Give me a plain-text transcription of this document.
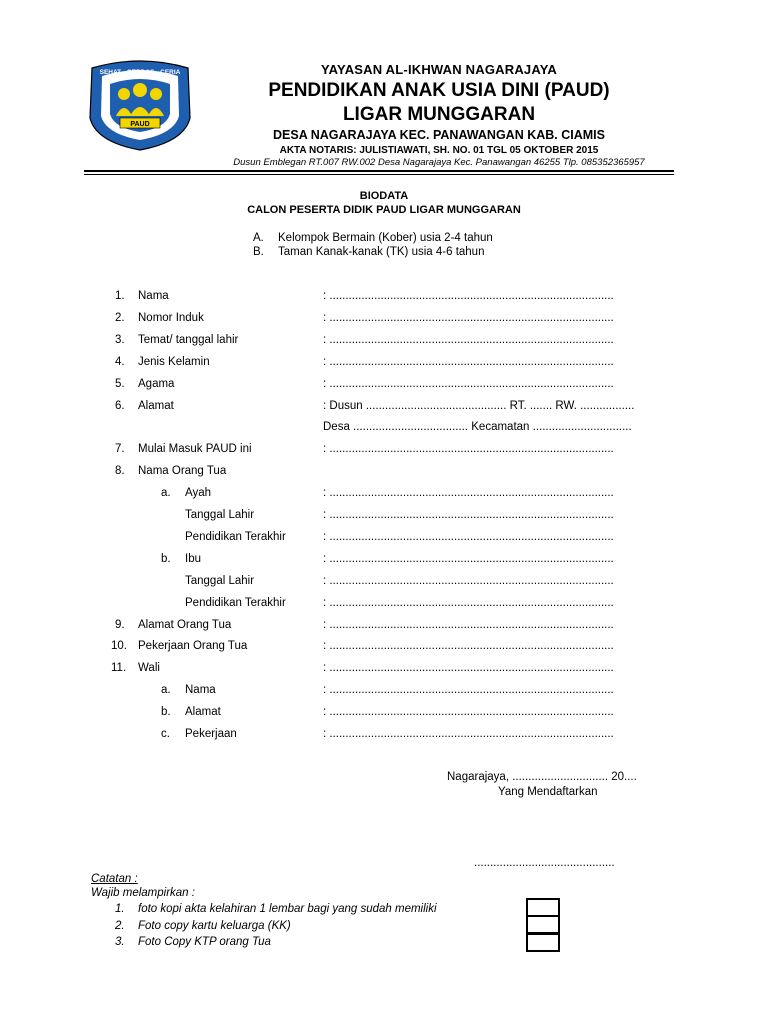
SEHAT · CERDAS · CERIA
PAUD
YAYASAN AL-IKHWAN NAGARAJAYA
PENDIDIKAN ANAK USIA DINI (PAUD)
LIGAR MUNGGARAN
DESA NAGARAJAYA KEC. PANAWANGAN KAB. CIAMIS
AKTA NOTARIS: JULISTIAWATI, SH. NO. 01 TGL 05 OKTOBER 2015
Dusun Emblegan RT.007 RW.002 Desa Nagarajaya Kec. Panawangan 46255 Tlp. 085352365957
BIODATA
CALON PESERTA DIDIK PAUD LIGAR MUNGGARAN
A. Kelompok Bermain (Kober) usia 2-4 tahun
B. Taman Kanak-kanak (TK) usia 4-6 tahun
1. Nama	: .........................................................................................
2. Nomor Induk	: .........................................................................................
3. Temat/ tanggal lahir	: .........................................................................................
4. Jenis Kelamin	: .........................................................................................
5. Agama	: .........................................................................................
6. Alamat	: Dusun ............................................ RT. ....... RW. .................
Desa .................................... Kecamatan ...............................
7. Mulai Masuk PAUD ini	: .........................................................................................
8. Nama Orang Tua
a. Ayah	: .........................................................................................
Tanggal Lahir	: .........................................................................................
Pendidikan Terakhir	: .........................................................................................
b. Ibu	: .........................................................................................
Tanggal Lahir	: .........................................................................................
Pendidikan Terakhir	: .........................................................................................
9. Alamat Orang Tua	: .........................................................................................
10. Pekerjaan Orang Tua	: .........................................................................................
11. Wali	: .........................................................................................
a. Nama	: .........................................................................................
b. Alamat	: .........................................................................................
c. Pekerjaan	: .........................................................................................
Nagarajaya, .............................. 20....
Yang Mendaftarkan
............................................
Catatan :
Wajib melampirkan :
1. foto kopi akta kelahiran 1 lembar bagi yang sudah memiliki
2. Foto copy kartu keluarga (KK)
3. Foto Copy KTP orang Tua
